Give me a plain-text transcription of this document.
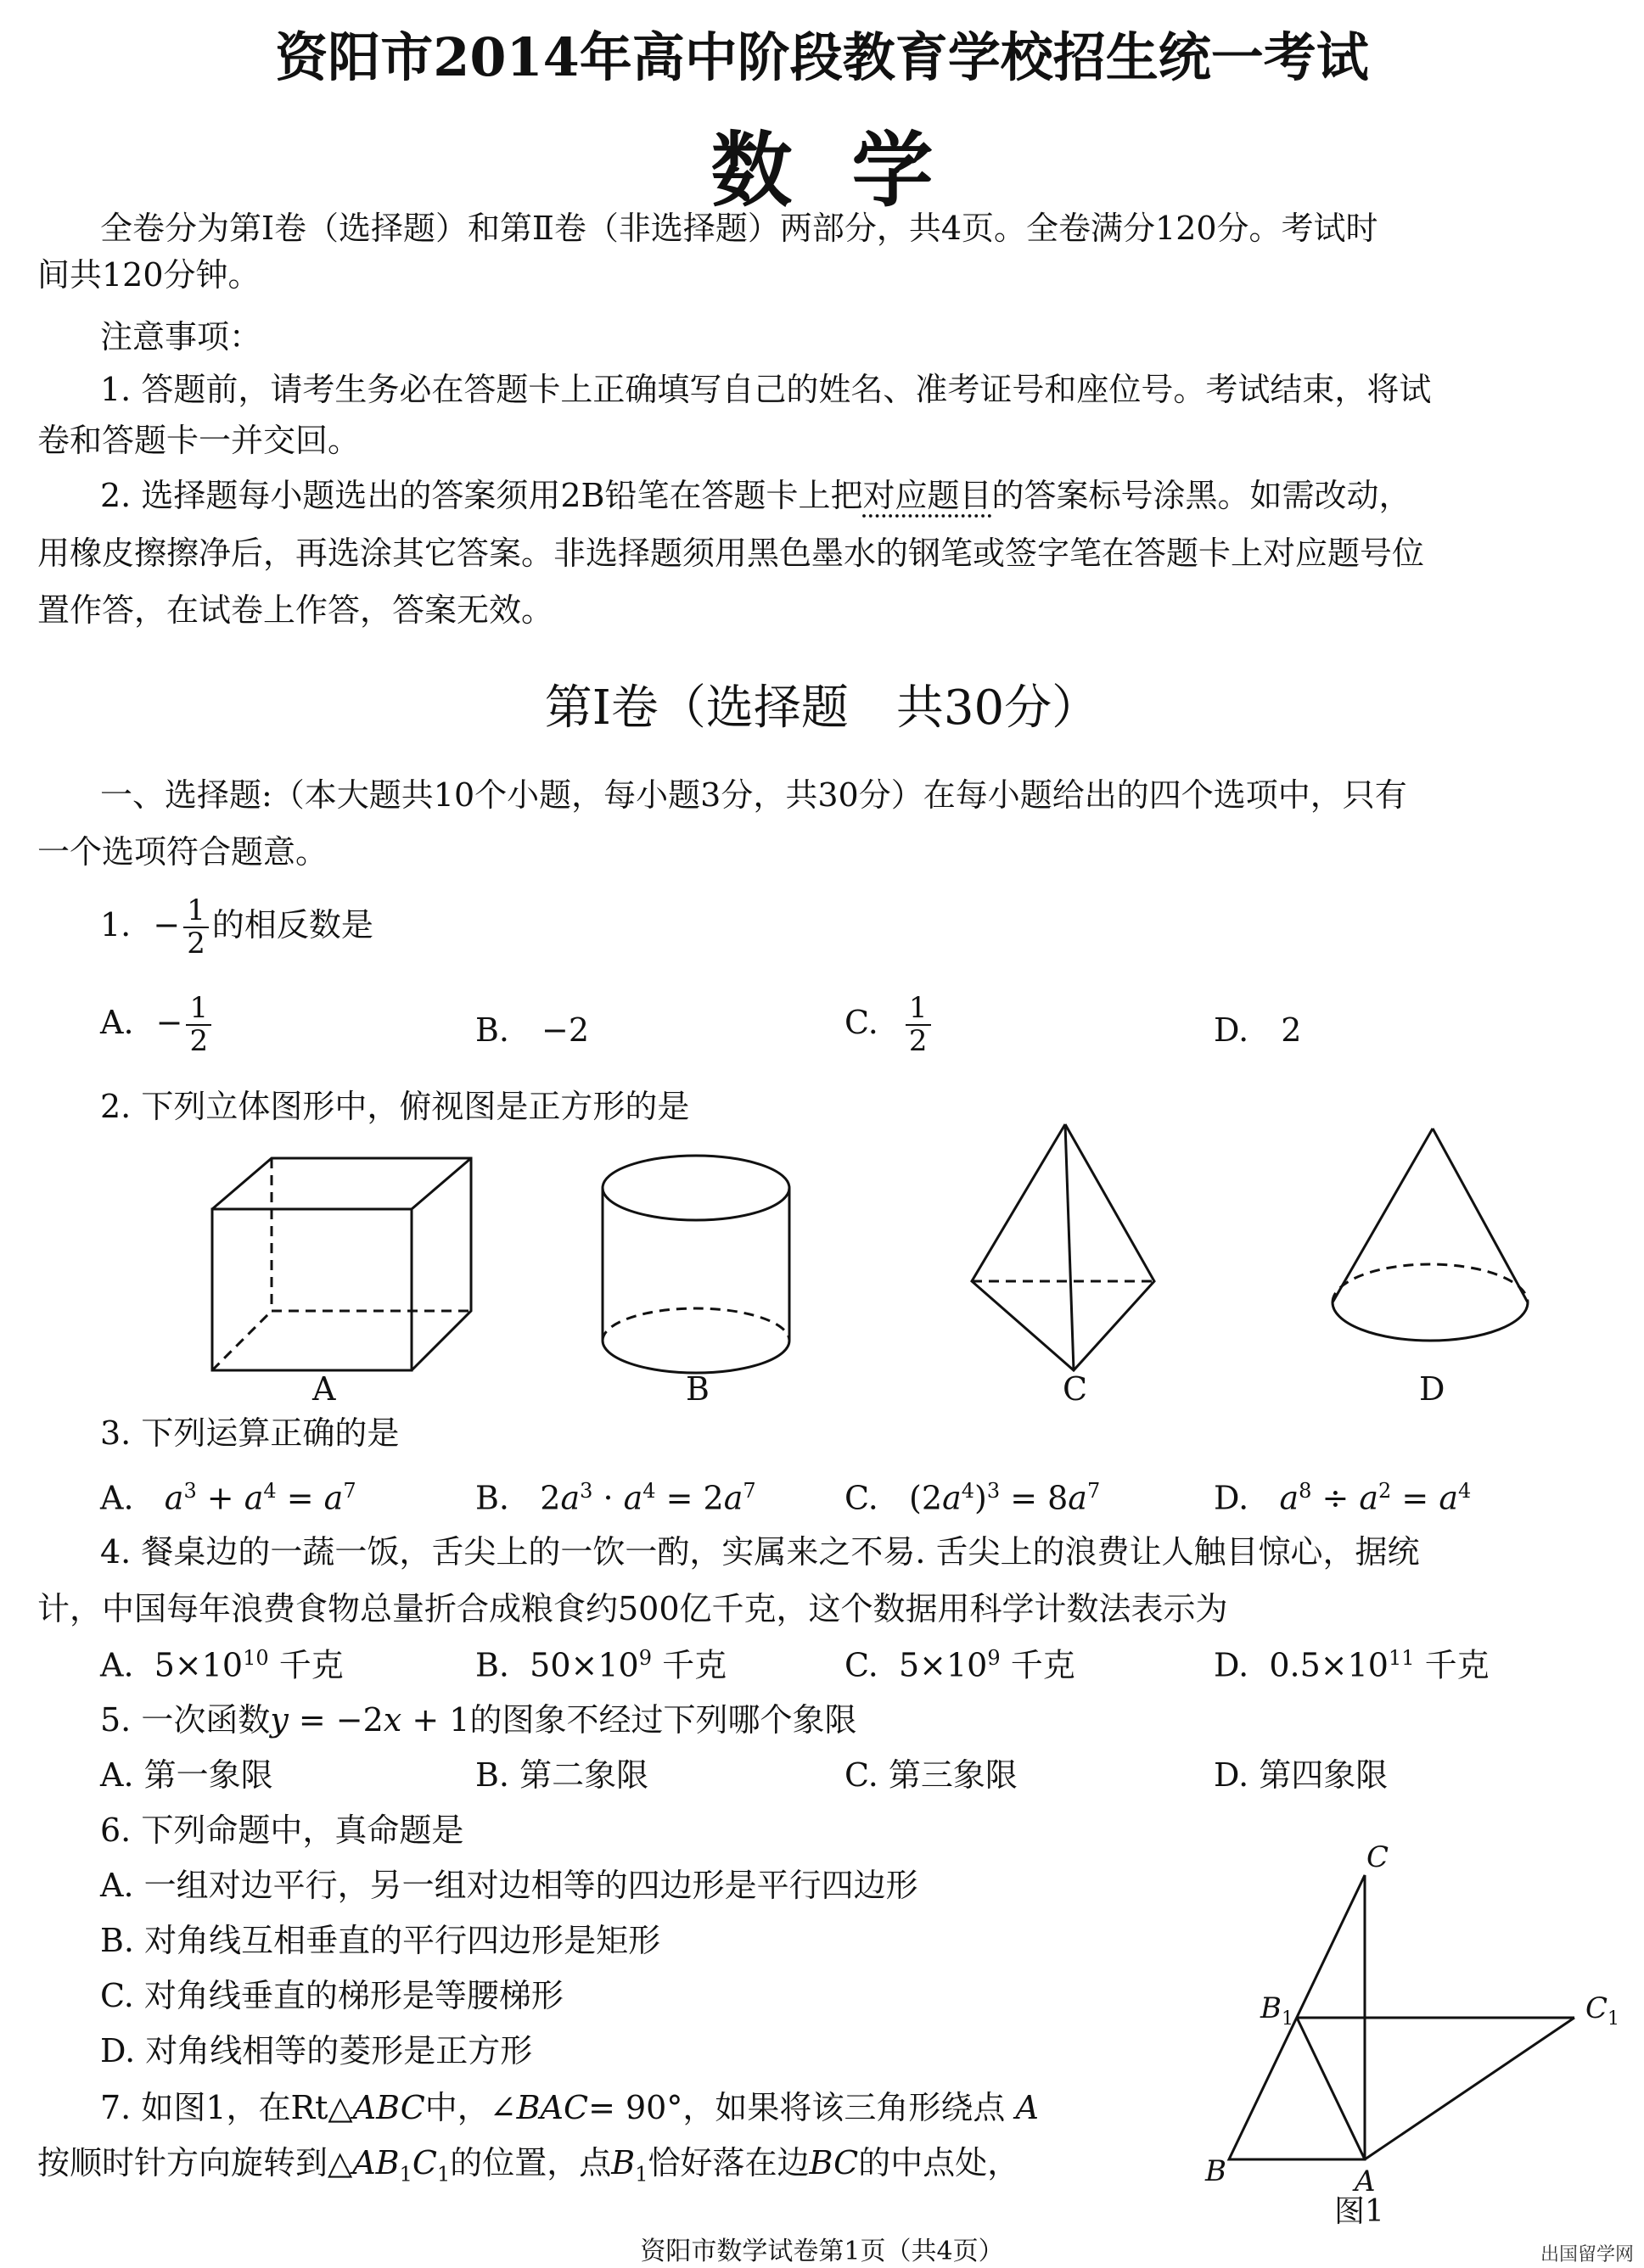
资阳市2014年高中阶段教育学校招生统一考试
数学
全卷分为第Ⅰ卷（选择题）和第Ⅱ卷（非选择题）两部分，共4页。全卷满分120分。考试时
间共120分钟。
注意事项：
1. 答题前，请考生务必在答题卡上正确填写自己的姓名、准考证号和座位号。考试结束，将试
卷和答题卡一并交回。
2. 选择题每小题选出的答案须用2B铅笔在答题卡上把对应题目的答案标号涂黑。如需改动，
用橡皮擦擦净后，再选涂其它答案。非选择题须用黑色墨水的钢笔或签字笔在答题卡上对应题号位
置作答，在试卷上作答，答案无效。
第Ⅰ卷（选择题　共30分）
一、选择题:（本大题共10个小题，每小题3分，共30分）在每小题给出的四个选项中，只有
一个选项符合题意。
1. − $\frac{1}{2}$ 的相反数是
A. − $\frac{1}{2}$	B.　−2	C. $\frac{1}{2}$	D.　2
2. 下列立体图形中，俯视图是正方形的是
A	B	C	D
C
$B_1$	$C_1$
B	A
图1
3. 下列运算正确的是
A. $a^3 + a^4 = a^7$	B.   $2a^3 \cdot a^4 = 2a^7$	C.   $(2a^4)^3 = 8a^7$	D. $a^8 \div a^2 = a^4$
4. 餐桌边的一蔬一饭，舌尖上的一饮一酌，实属来之不易. 舌尖上的浪费让人触目惊心，据统
计，中国每年浪费食物总量折合成粮食约500亿千克，这个数据用科学计数法表示为
A.  $5\times 10^{10}$ 千克	B.  $50\times 10^9$ 千克	C.  $5\times 10^9$ 千克	D.  $0.5\times 10^{11}$ 千克
5. 一次函数y = −2x + 1的图象不经过下列哪个象限
A. 第一象限	B. 第二象限	C. 第三象限	D. 第四象限
6. 下列命题中，真命题是
A. 一组对边平行，另一组对边相等的四边形是平行四边形
B. 对角线互相垂直的平行四边形是矩形
C. 对角线垂直的梯形是等腰梯形
D. 对角线相等的菱形是正方形
7. 如图1，在Rt△ABC中，∠BAC= 90°，如果将该三角形绕点 A
按顺时针方向旋转到$\triangle AB_1C_1$的位置，点$B_1$恰好落在边BC的中点处，
资阳市数学试卷第1页（共4页）	出国留学网
